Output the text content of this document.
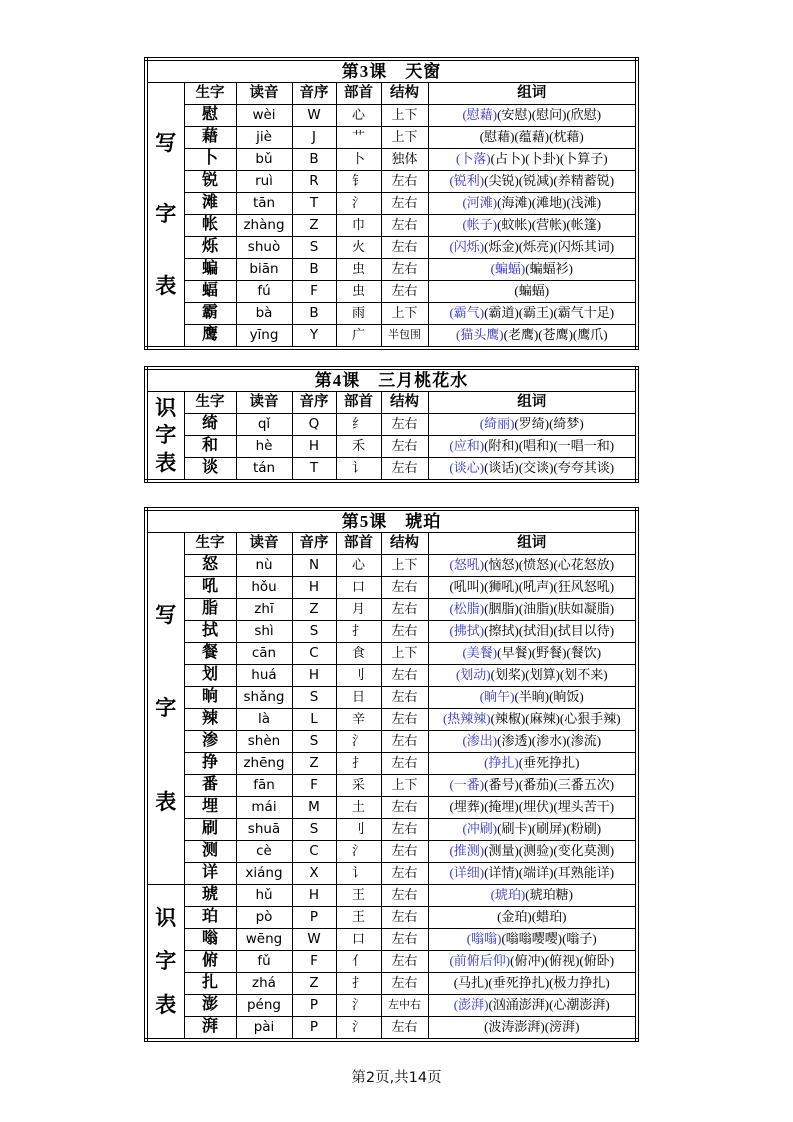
第3课　天窗						

写
字
表	生字	读音	音序	部首	结构	组词
	慰	wèi	W	心	上下	(慰藉)(安慰)(慰问)(欣慰)
	藉	jiè	J	艹	上下	(慰藉)(蕴藉)(枕藉)
	卜	bǔ	B	卜	独体	(卜落)(占卜)(卜卦)(卜算子)
	锐	ruì	R	钅	左右	(锐利)(尖锐)(锐减)(养精蓄锐)
	滩	tān	T	氵	左右	(河滩)(海滩)(滩地)(浅滩)
	帐	zhàng	Z	巾	左右	(帐子)(蚊帐)(营帐)(帐篷)
	烁	shuò	S	火	左右	(闪烁)(烁金)(烁亮)(闪烁其词)
	蝙	biān	B	虫	左右	(蝙蝠)(蝙蝠衫)
	蝠	fú	F	虫	左右	(蝙蝠)
	霸	bà	B	雨	上下	(霸气)(霸道)(霸王)(霸气十足)
	鹰	yīng	Y	广	半包围	(猫头鹰)(老鹰)(苍鹰)(鹰爪)
第4课　三月桃花水						

识
字
表	生字	读音	音序	部首	结构	组词
	绮	qǐ	Q	纟	左右	(绮丽)(罗绮)(绮梦)
	和	hè	H	禾	左右	(应和)(附和)(唱和)(一唱一和)
	谈	tán	T	讠	左右	(谈心)(谈话)(交谈)(夸夸其谈)
第5课　琥珀						

写
字
表	生字	读音	音序	部首	结构	组词
	怒	nù	N	心	上下	(怒吼)(恼怒)(愤怒)(心花怒放)
	吼	hǒu	H	口	左右	(吼叫)(狮吼)(吼声)(狂风怒吼)
	脂	zhī	Z	月	左右	(松脂)(胭脂)(油脂)(肤如凝脂)
	拭	shì	S	扌	左右	(拂拭)(擦拭)(拭泪)(拭目以待)
	餐	cān	C	食	上下	(美餐)(早餐)(野餐)(餐饮)
	划	huá	H	刂	左右	(划动)(划桨)(划算)(划不来)
	晌	shǎng	S	日	左右	(晌午)(半晌)(晌饭)
	辣	là	L	辛	左右	(热辣辣)(辣椒)(麻辣)(心狠手辣)
	渗	shèn	S	氵	左右	(渗出)(渗透)(渗水)(渗流)
	挣	zhēng	Z	扌	左右	(挣扎)(垂死挣扎)
	番	fān	F	采	上下	(一番)(番号)(番茄)(三番五次)
	埋	mái	M	土	左右	(埋葬)(掩埋)(埋伏)(埋头苦干)
	刷	shuā	S	刂	左右	(冲刷)(刷卡)(刷屏)(粉刷)
	测	cè	C	氵	左右	(推测)(测量)(测验)(变化莫测)
	详	xiáng	X	讠	左右	(详细)(详情)(端详)(耳熟能详)

识
字
表	琥	hǔ	H	王	左右	(琥珀)(琥珀糖)
	珀	pò	P	王	左右	(金珀)(蜡珀)
	嗡	wēng	W	口	左右	(嗡嗡)(嗡嗡嘤嘤)(嗡子)
	俯	fǔ	F	亻	左右	(前俯后仰)(俯冲)(俯视)(俯卧)
	扎	zhá	Z	扌	左右	(马扎)(垂死挣扎)(极力挣扎)
	澎	péng	P	氵	左中右	(澎湃)(汹涌澎湃)(心潮澎湃)
	湃	pài	P	氵	左右	(波涛澎湃)(滂湃)
第2页,共14页
